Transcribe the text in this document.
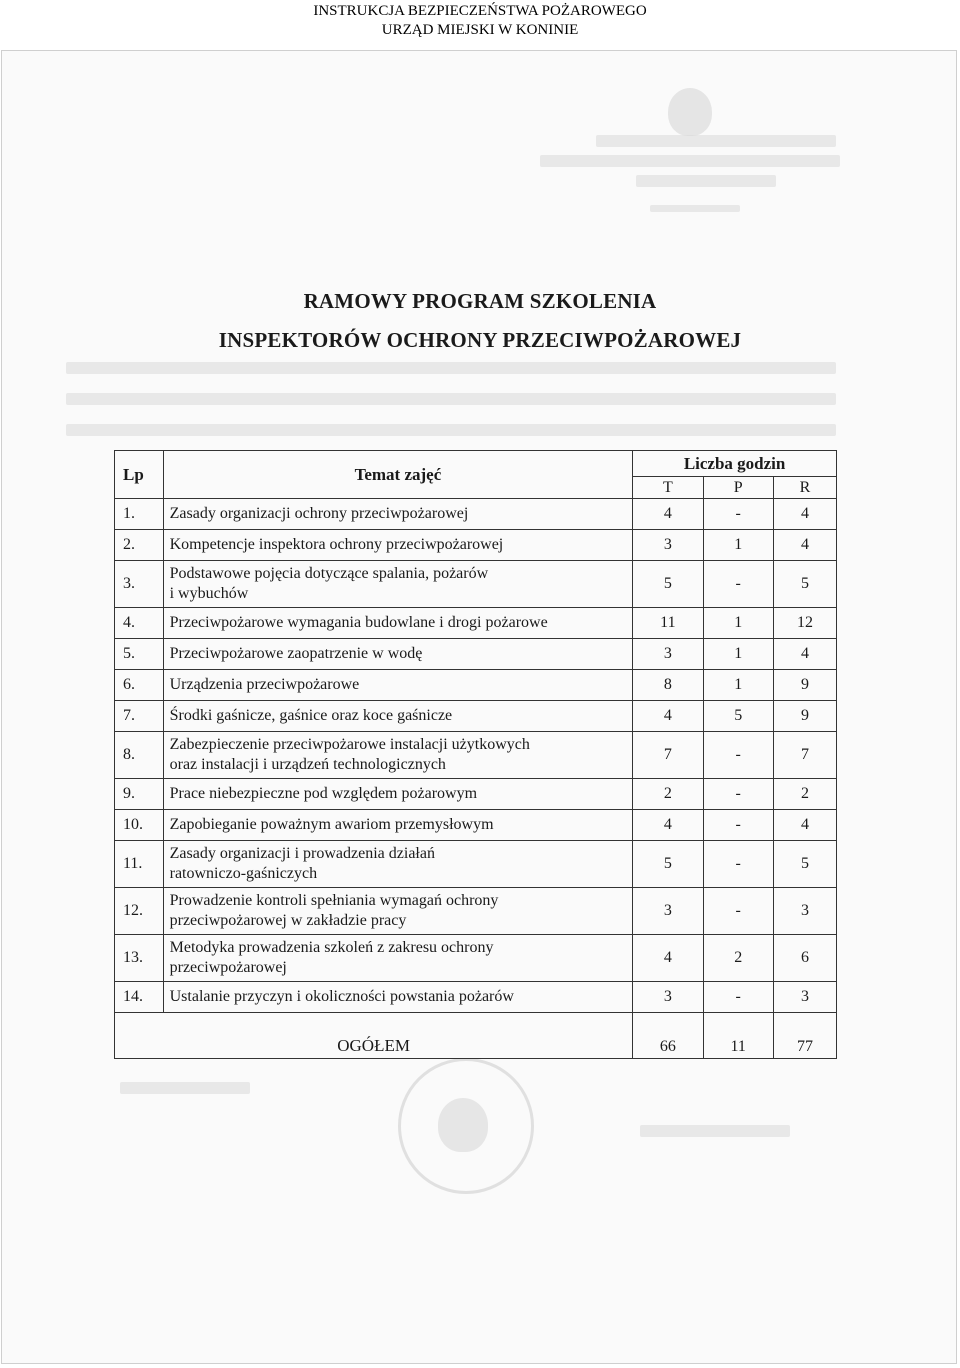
INSTRUKCJA BEZPIECZEŃSTWA POŻAROWEGO
URZĄD MIEJSKI W KONINIE
RAMOWY PROGRAM SZKOLENIA
INSPEKTORÓW OCHRONY PRZECIWPOŻAROWEJ
Lp	Temat zajęć	Liczba godzin		
		T	P	R
1.	Zasady organizacji ochrony przeciwpożarowej	4	-	4
2.	Kompetencje inspektora ochrony przeciwpożarowej	3	1	4
3.	Podstawowe pojęcia dotyczące spalania, pożarów
i wybuchów	5	-	5
4.	Przeciwpożarowe wymagania budowlane i drogi pożarowe	11	1	12
5.	Przeciwpożarowe zaopatrzenie w wodę	3	1	4
6.	Urządzenia przeciwpożarowe	8	1	9
7.	Środki gaśnicze, gaśnice oraz koce gaśnicze	4	5	9
8.	Zabezpieczenie przeciwpożarowe instalacji użytkowych
oraz instalacji i urządzeń technologicznych	7	-	7
9.	Prace niebezpieczne pod względem pożarowym	2	-	2
10.	Zapobieganie poważnym awariom przemysłowym	4	-	4
11.	Zasady organizacji i prowadzenia działań
ratowniczo-gaśniczych	5	-	5
12.	Prowadzenie kontroli spełniania wymagań ochrony
przeciwpożarowej w zakładzie pracy	3	-	3
13.	Metodyka prowadzenia szkoleń z zakresu ochrony
przeciwpożarowej	4	2	6
14.	Ustalanie przyczyn i okoliczności powstania pożarów	3	-	3
OGÓŁEM		66	11	77
